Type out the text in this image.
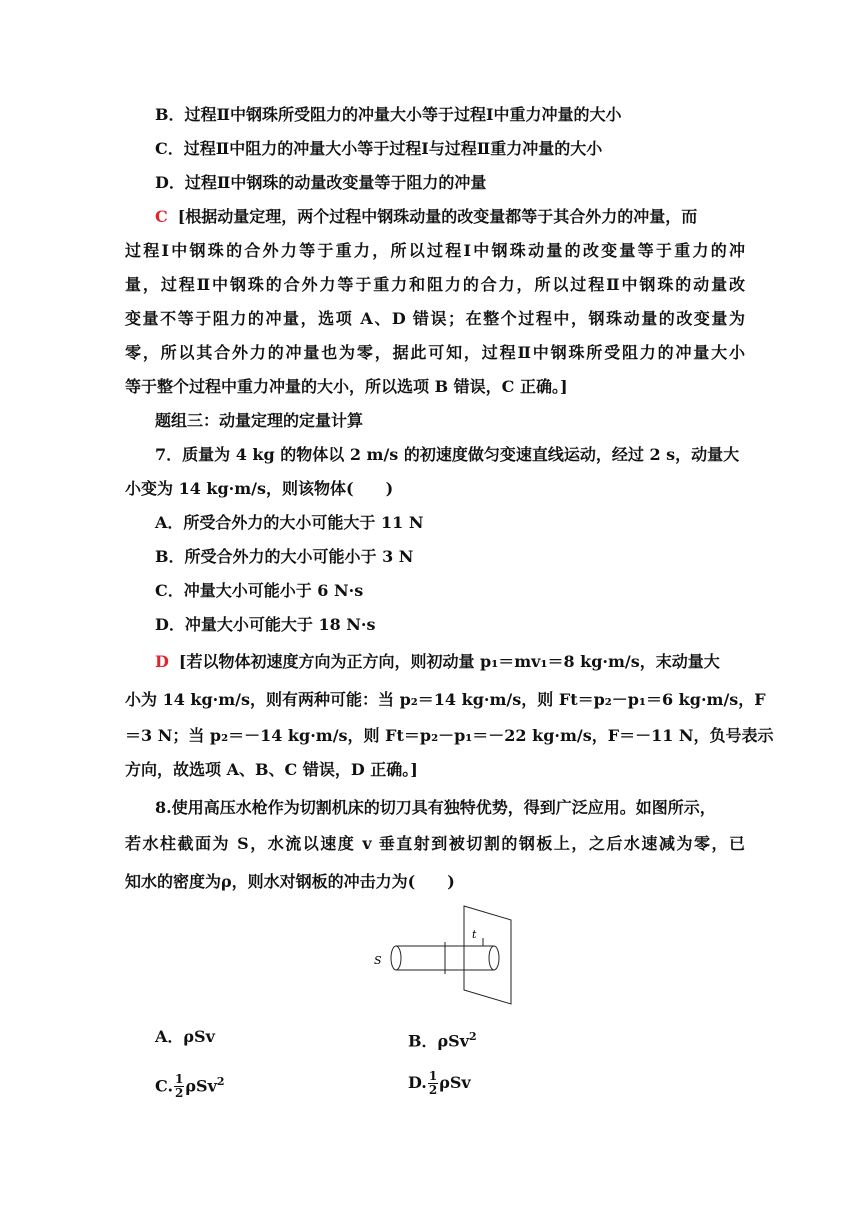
B．过程Ⅱ中钢珠所受阻力的冲量大小等于过程Ⅰ中重力冲量的大小
C．过程Ⅱ中阻力的冲量大小等于过程Ⅰ与过程Ⅱ重力冲量的大小
D．过程Ⅱ中钢珠的动量改变量等于阻力的冲量
C [根据动量定理，两个过程中钢珠动量的改变量都等于其合外力的冲量，而
过程Ⅰ中钢珠的合外力等于重力，所以过程Ⅰ中钢珠动量的改变量等于重力的冲
量，过程Ⅱ中钢珠的合外力等于重力和阻力的合力，所以过程Ⅱ中钢珠的动量改
变量不等于阻力的冲量，选项 A、D 错误；在整个过程中，钢珠动量的改变量为
零，所以其合外力的冲量也为零，据此可知，过程Ⅱ中钢珠所受阻力的冲量大小
等于整个过程中重力冲量的大小，所以选项 B 错误，C 正确。]
题组三：动量定理的定量计算
7．质量为 4 kg 的物体以 2 m/s 的初速度做匀变速直线运动，经过 2 s，动量大
小变为 14 kg·m/s，则该物体(　　)
A．所受合外力的大小可能大于 11 N
B．所受合外力的大小可能小于 3 N
C．冲量大小可能小于 6 N·s
D．冲量大小可能大于 18 N·s
D [若以物体初速度方向为正方向，则初动量 p₁＝mv₁＝8 kg·m/s，末动量大
小为 14 kg·m/s，则有两种可能：当 p₂＝14 kg·m/s，则 Ft＝p₂－p₁＝6 kg·m/s，F
＝3 N；当 p₂＝－14 kg·m/s，则 Ft＝p₂－p₁＝－22 kg·m/s，F＝－11 N，负号表示
方向，故选项 A、B、C 错误，D 正确。]
8.使用高压水枪作为切割机床的切刀具有独特优势，得到广泛应用。如图所示，
若水柱截面为 S，水流以速度 v 垂直射到被切割的钢板上，之后水速减为零，已
知水的密度为ρ，则水对钢板的冲击力为(　　)
S
t
A．ρSv	B．ρSv$^2$
C. $\frac{1}{2} \rho Sv^2$	D. $\frac{1}{2}$ ρSv
